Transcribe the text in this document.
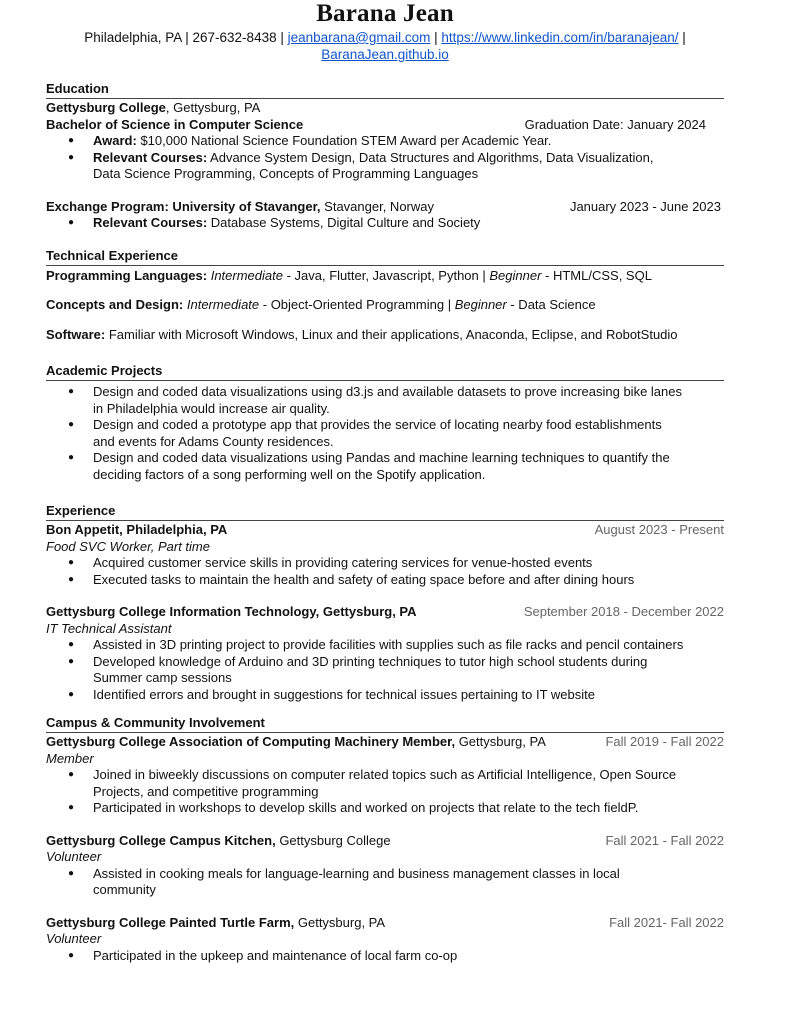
Barana Jean
Philadelphia, PA | 267-632-8438 | jeanbarana@gmail.com | https://www.linkedin.com/in/baranajean/ |
BaranaJean.github.io
Education
Gettysburg College, Gettysburg, PA
Bachelor of Science in Computer Science	Graduation Date: January 2024
● Award: $10,000 National Science Foundation STEM Award per Academic Year.
● Relevant Courses: Advance System Design, Data Structures and Algorithms, Data Visualization, Data Science Programming, Concepts of Programming Languages
Exchange Program: University of Stavanger, Stavanger, Norway	January 2023 - June 2023
● Relevant Courses: Database Systems, Digital Culture and Society
Technical Experience
Programming Languages: Intermediate - Java, Flutter, Javascript, Python | Beginner - HTML/CSS, SQL
Concepts and Design: Intermediate - Object-Oriented Programming | Beginner - Data Science
Software: Familiar with Microsoft Windows, Linux and their applications, Anaconda, Eclipse, and RobotStudio
Academic Projects
● Design and coded data visualizations using d3.js and available datasets to prove increasing bike lanes in Philadelphia would increase air quality.
● Design and coded a prototype app that provides the service of locating nearby food establishments and events for Adams County residences.
● Design and coded data visualizations using Pandas and machine learning techniques to quantify the deciding factors of a song performing well on the Spotify application.
Experience
Bon Appetit, Philadelphia, PA	August 2023 - Present
Food SVC Worker, Part time
● Acquired customer service skills in providing catering services for venue-hosted events
● Executed tasks to maintain the health and safety of eating space before and after dining hours
Gettysburg College Information Technology, Gettysburg, PA	September 2018 - December 2022
IT Technical Assistant
● Assisted in 3D printing project to provide facilities with supplies such as file racks and pencil containers
● Developed knowledge of Arduino and 3D printing techniques to tutor high school students during Summer camp sessions
● Identified errors and brought in suggestions for technical issues pertaining to IT website
Campus & Community Involvement
Gettysburg College Association of Computing Machinery Member, Gettysburg, PA	Fall 2019 - Fall 2022
Member
● Joined in biweekly discussions on computer related topics such as Artificial Intelligence, Open Source Projects, and competitive programming
● Participated in workshops to develop skills and worked on projects that relate to the tech fieldP.
Gettysburg College Campus Kitchen, Gettysburg College	Fall 2021 - Fall 2022
Volunteer
● Assisted in cooking meals for language-learning and business management classes in local community
Gettysburg College Painted Turtle Farm, Gettysburg, PA	Fall 2021- Fall 2022
Volunteer
● Participated in the upkeep and maintenance of local farm co-op
